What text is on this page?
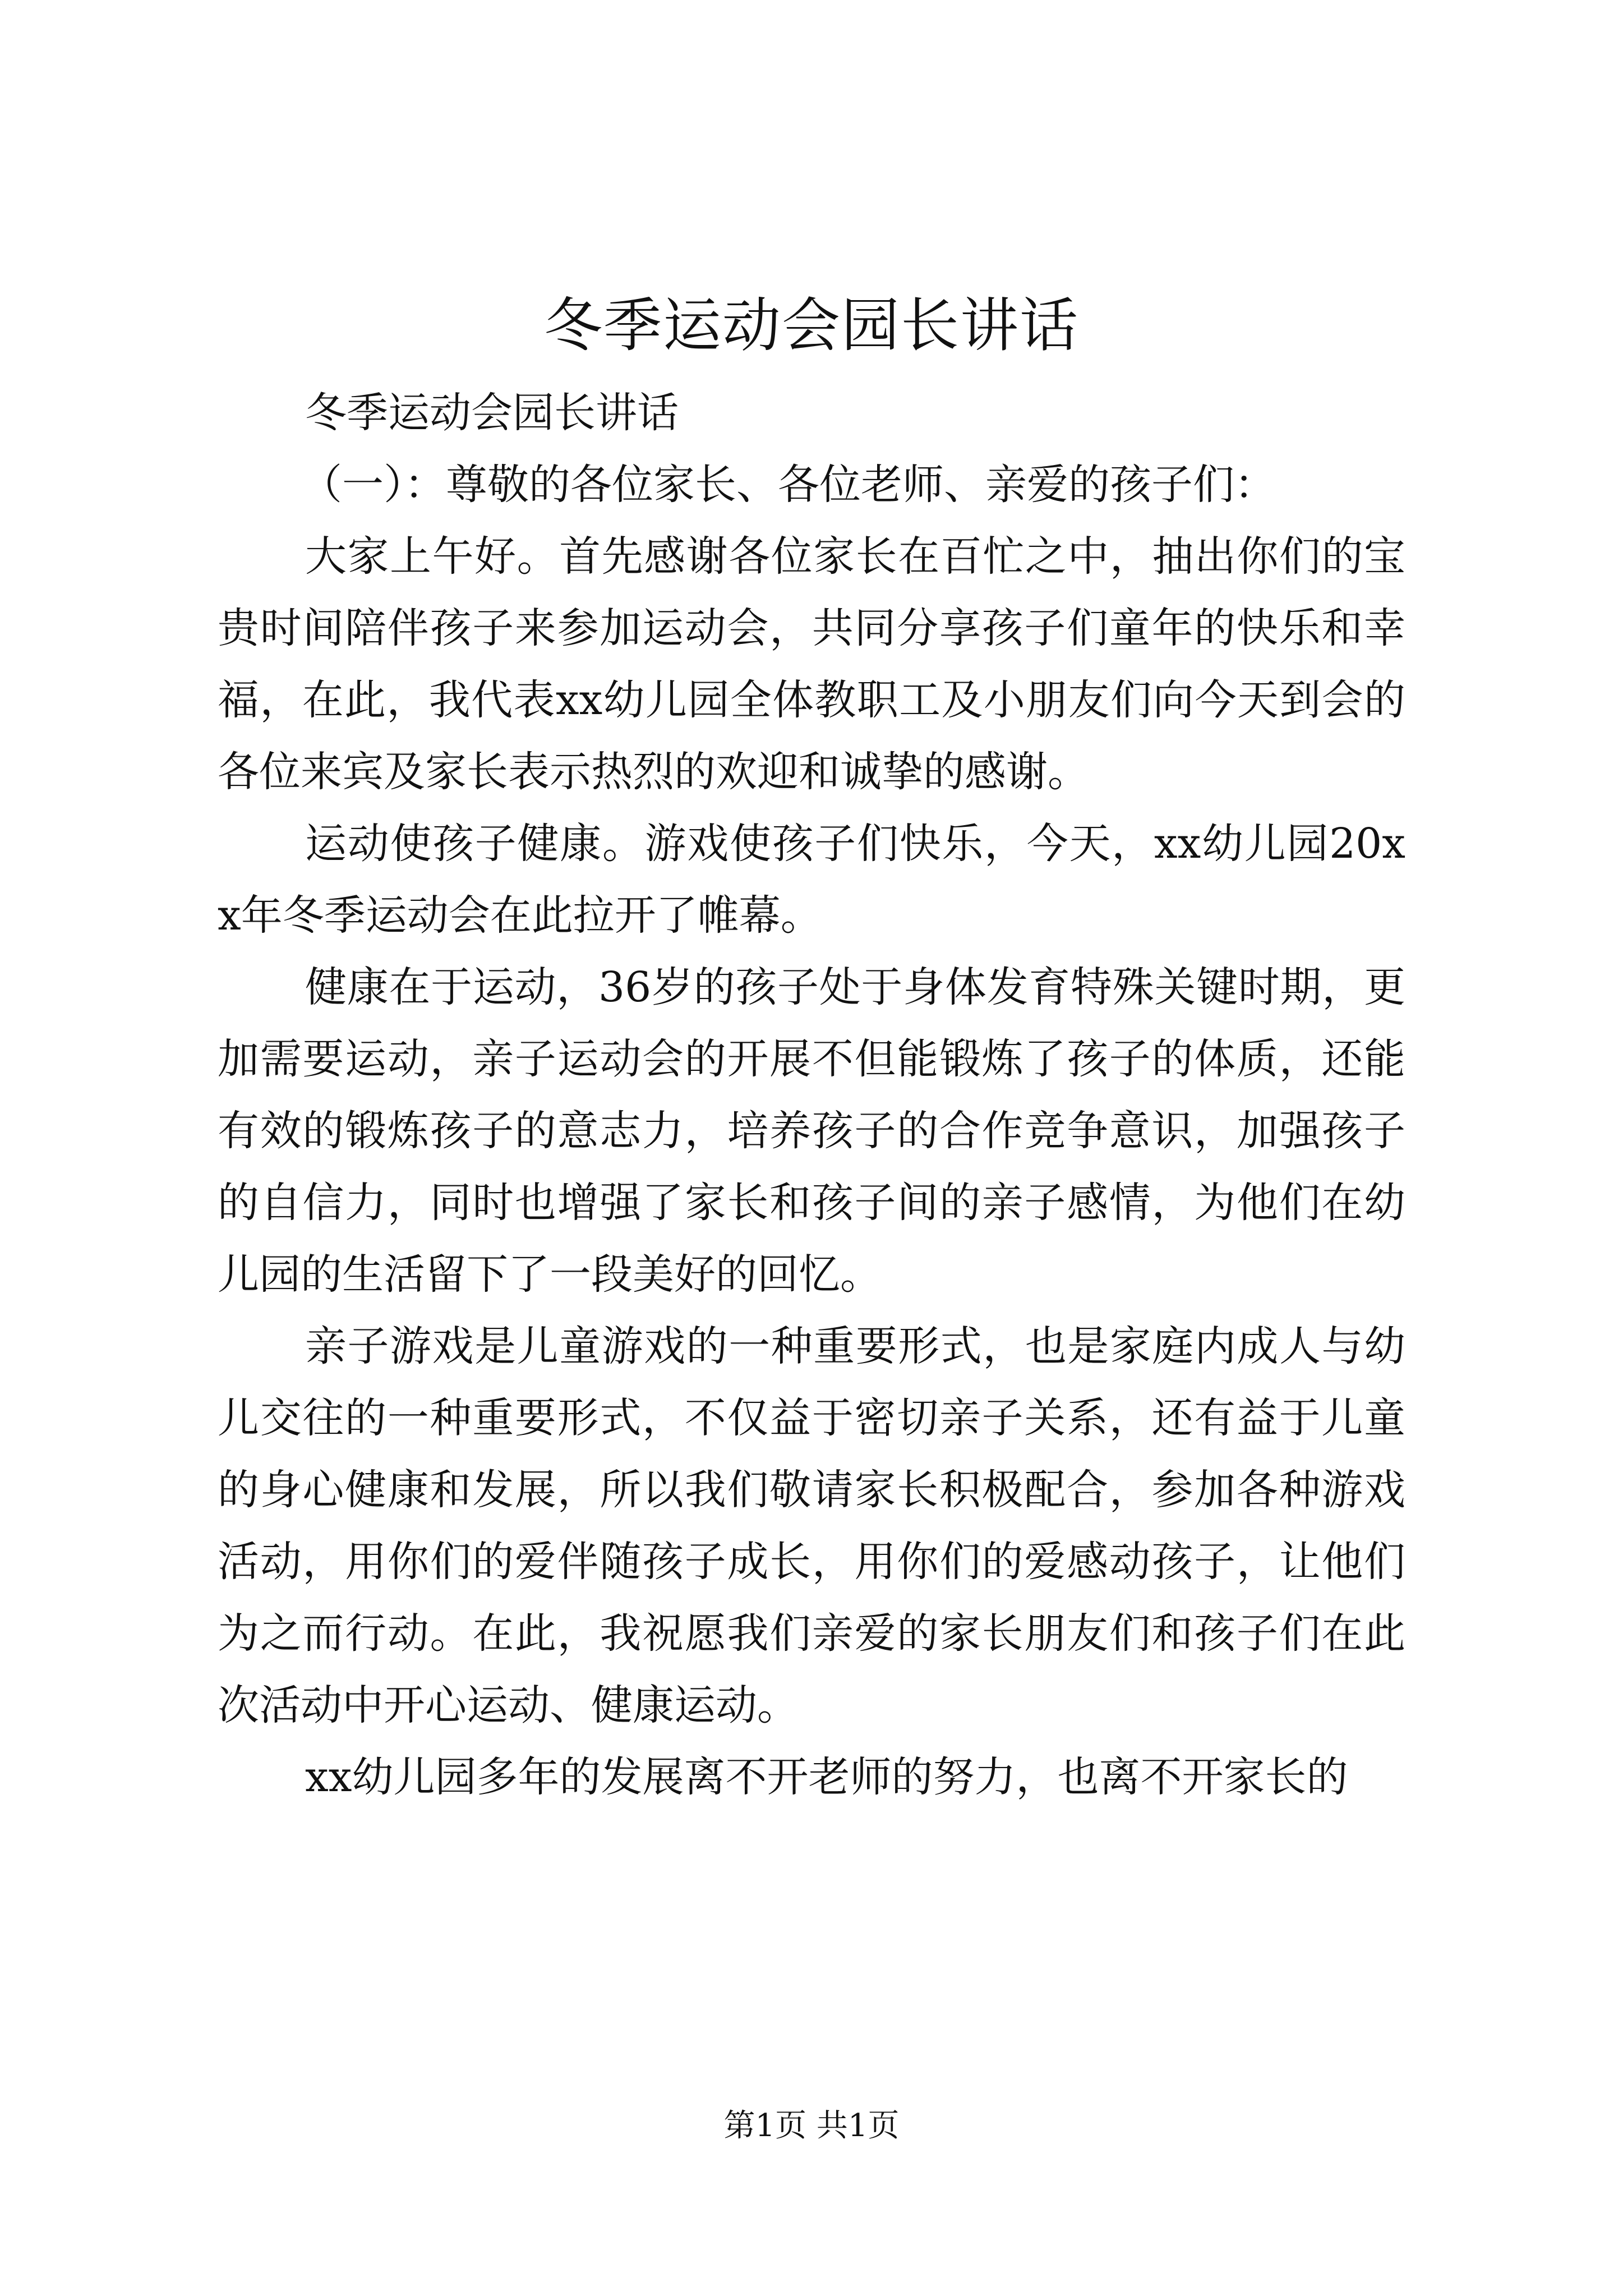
冬季运动会园长讲话

冬季运动会园长讲话

（一）：尊敬的各位家长、各位老师、亲爱的孩子们：

大家上午好。首先感谢各位家长在百忙之中，抽出你们的宝贵时间陪伴孩子来参加运动会，共同分享孩子们童年的快乐和幸福，在此，我代表xx幼儿园全体教职工及小朋友们向今天到会的各位来宾及家长表示热烈的欢迎和诚挚的感谢。

运动使孩子健康。游戏使孩子们快乐，今天，xx幼儿园20xx年冬季运动会在此拉开了帷幕。

健康在于运动，36岁的孩子处于身体发育特殊关键时期，更加需要运动，亲子运动会的开展不但能锻炼了孩子的体质，还能有效的锻炼孩子的意志力，培养孩子的合作竞争意识，加强孩子的自信力，同时也增强了家长和孩子间的亲子感情，为他们在幼儿园的生活留下了一段美好的回忆。

亲子游戏是儿童游戏的一种重要形式，也是家庭内成人与幼儿交往的一种重要形式，不仅益于密切亲子关系，还有益于儿童的身心健康和发展，所以我们敬请家长积极配合，参加各种游戏活动，用你们的爱伴随孩子成长，用你们的爱感动孩子，让他们为之而行动。在此，我祝愿我们亲爱的家长朋友们和孩子们在此次活动中开心运动、健康运动。

xx幼儿园多年的发展离不开老师的努力，也离不开家长的

第1页 共1页
